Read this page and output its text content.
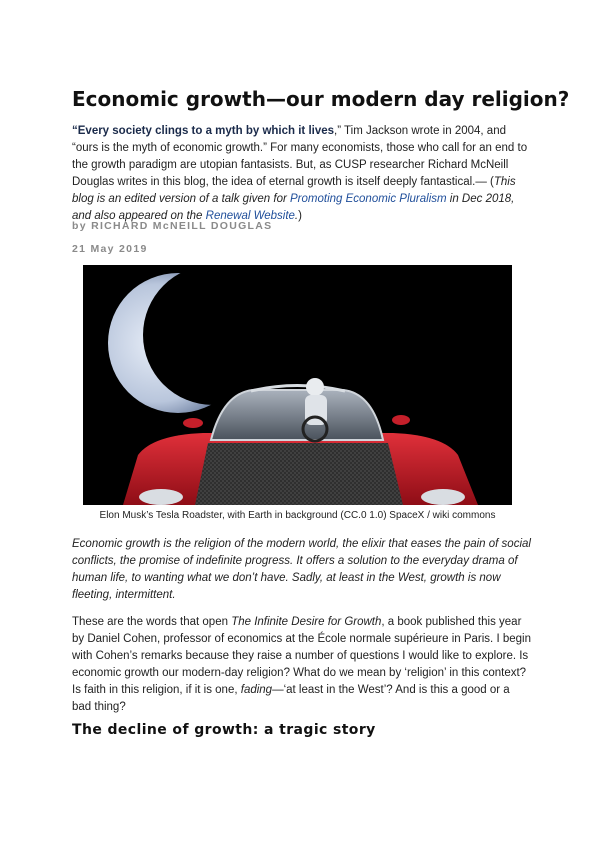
Economic growth—our modern day religion?

“Every society clings to a myth by which it lives,” Tim Jackson wrote in 2004, and “ours is the myth of economic growth.” For many economists, those who call for an end to the growth paradigm are utopian fantasists. But, as CUSP researcher Richard McNeill Douglas writes in this blog, the idea of eternal growth is itself deeply fantastical.— (This blog is an edited version of a talk given for Promoting Economic Pluralism in Dec 2018, and also appeared on the Renewal Website.)

by RICHARD McNEILL DOUGLAS

21 May 2019

Elon Musk’s Tesla Roadster, with Earth in background (CC.0 1.0) SpaceX / wiki commons

Economic growth is the religion of the modern world, the elixir that eases the pain of social conflicts, the promise of indefinite progress. It offers a solution to the everyday drama of human life, to wanting what we don’t have. Sadly, at least in the West, growth is now fleeting, intermittent.

These are the words that open The Infinite Desire for Growth, a book published this year by Daniel Cohen, professor of economics at the École normale supérieure in Paris. I begin with Cohen’s remarks because they raise a number of questions I would like to explore. Is economic growth our modern-day religion? What do we mean by ‘religion’ in this context? Is faith in this religion, if it is one, fading—‘at least in the West’? And is this a good or a bad thing?

The decline of growth: a tragic story
